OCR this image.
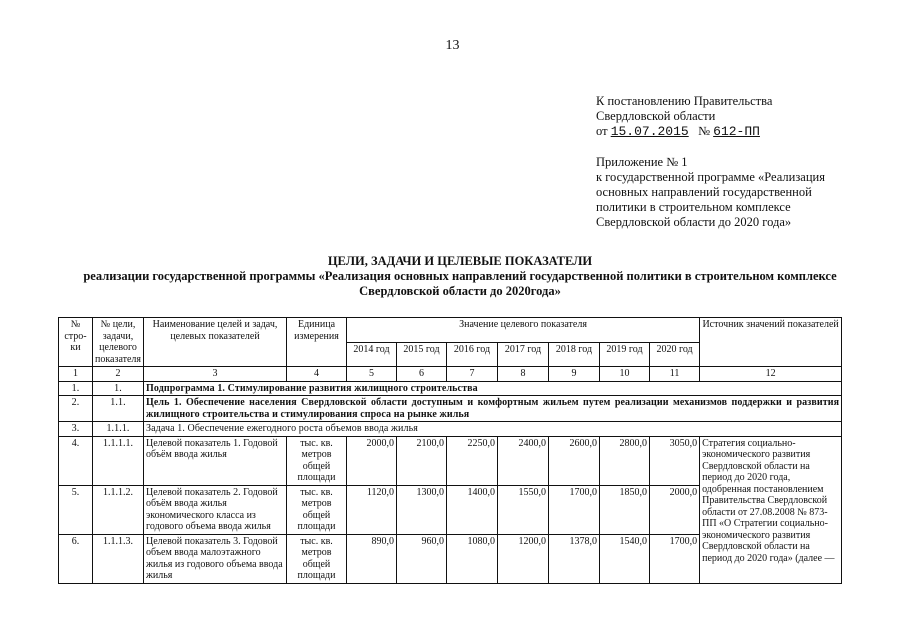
13
К постановлению Правительства
Свердловской области
от 15.07.2015 № 612-ПП
Приложение № 1
к государственной программе «Реализация
основных направлений государственной
политики в строительном комплексе
Свердловской области до 2020 года»
ЦЕЛИ, ЗАДАЧИ И ЦЕЛЕВЫЕ ПОКАЗАТЕЛИ
реализации государственной программы «Реализация основных направлений государственной политики в строительном комплексе
Свердловской области до 2020года»
№ стро-ки	№ цели, задачи, целевого показателя	Наименование целей и задач, целевых показателей	Единица измерения	Значение целевого показателя							Источник значений показателей
				2014 год	2015 год	2016 год	2017 год	2018 год	2019 год	2020 год	
1	2	3	4	5	6	7	8	9	10	11	12
1.	1.	Подпрограмма 1. Стимулирование развития жилищного строительства									
2.	1.1.	Цель 1. Обеспечение населения Свердловской области доступным и комфортным жильем путем реализации механизмов поддержки и развития жилищного строительства и стимулирования спроса на рынке жилья									
3.	1.1.1.	Задача 1. Обеспечение ежегодного роста объемов ввода жилья									
4.	1.1.1.1.	Целевой показатель 1. Годовой объём ввода жилья	тыс. кв. метров общей площади	2000,0	2100,0	2250,0	2400,0	2600,0	2800,0	3050,0	Стратегия социально-экономического развития Свердловской области на период до 2020 года, одобренная постановлением Правительства Свердловской области от 27.08.2008 № 873-ПП «О Стратегии социально-экономического развития Свердловской области на период до 2020 года» (далее —
5.	1.1.1.2.	Целевой показатель 2. Годовой объём ввода жилья экономического класса из годового объема ввода жилья	тыс. кв. метров общей площади	1120,0	1300,0	1400,0	1550,0	1700,0	1850,0	2000,0	
6.	1.1.1.3.	Целевой показатель 3. Годовой объем ввода малоэтажного жилья из годового объема ввода жилья	тыс. кв. метров общей площади	890,0	960,0	1080,0	1200,0	1378,0	1540,0	1700,0	
